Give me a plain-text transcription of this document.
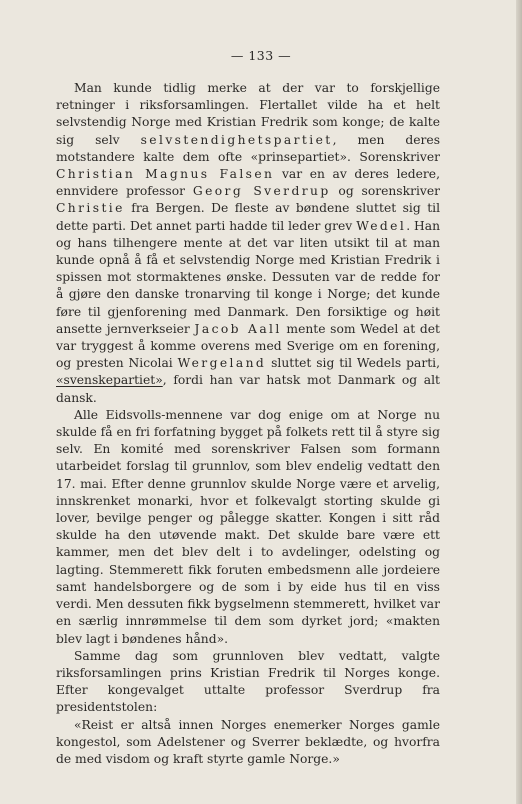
— 133 —

Man kunde tidlig merke at der var to forskjellige retninger i riksforsamlingen. Flertallet vilde ha et helt selvstendig Norge med Kristian Fredrik som konge; de kalte sig selv selvstendighetspartiet, men deres motstandere kalte dem ofte «prinsepartiet». Sorenskriver Christian Magnus Falsen var en av deres ledere, ennvidere professor Georg Sverdrup og sorenskriver Christie fra Bergen. De fleste av bøndene sluttet sig til dette parti. Det annet parti hadde til leder grev Wedel. Han og hans tilhengere mente at det var liten utsikt til at man kunde opnå å få et selvstendig Norge med Kristian Fredrik i spissen mot stormaktenes ønske. Dessuten var de redde for å gjøre den danske tronarving til konge i Norge; det kunde føre til gjenforening med Danmark. Den forsiktige og høit ansette jernverkseier Jacob Aall mente som Wedel at det var tryggest å komme overens med Sverige om en forening, og presten Nicolai Wergeland sluttet sig til Wedels parti, «svenskepartiet», fordi han var hatsk mot Danmark og alt dansk.

Alle Eidsvolls-mennene var dog enige om at Norge nu skulde få en fri forfatning bygget på folkets rett til å styre sig selv. En komité med sorenskriver Falsen som formann utarbeidet forslag til grunnlov, som blev endelig vedtatt den 17. mai. Efter denne grunnlov skulde Norge være et arvelig, innskrenket monarki, hvor et folkevalgt storting skulde gi lover, bevilge penger og pålegge skatter. Kongen i sitt råd skulde ha den utøvende makt. Det skulde bare være ett kammer, men det blev delt i to avdelinger, odelsting og lagting. Stemmerett fikk foruten embedsmenn alle jordeiere samt handelsborgere og de som i by eide hus til en viss verdi. Men dessuten fikk bygselmenn stemmerett, hvilket var en særlig innrømmelse til dem som dyrket jord; «makten blev lagt i bøndenes hånd».

Samme dag som grunnloven blev vedtatt, valgte riksforsamlingen prins Kristian Fredrik til Norges konge. Efter kongevalget uttalte professor Sverdrup fra presidentstolen:

«Reist er altså innen Norges enemerker Norges gamle kongestol, som Adelstener og Sverrer beklædte, og hvorfra de med visdom og kraft styrte gamle Norge.»
